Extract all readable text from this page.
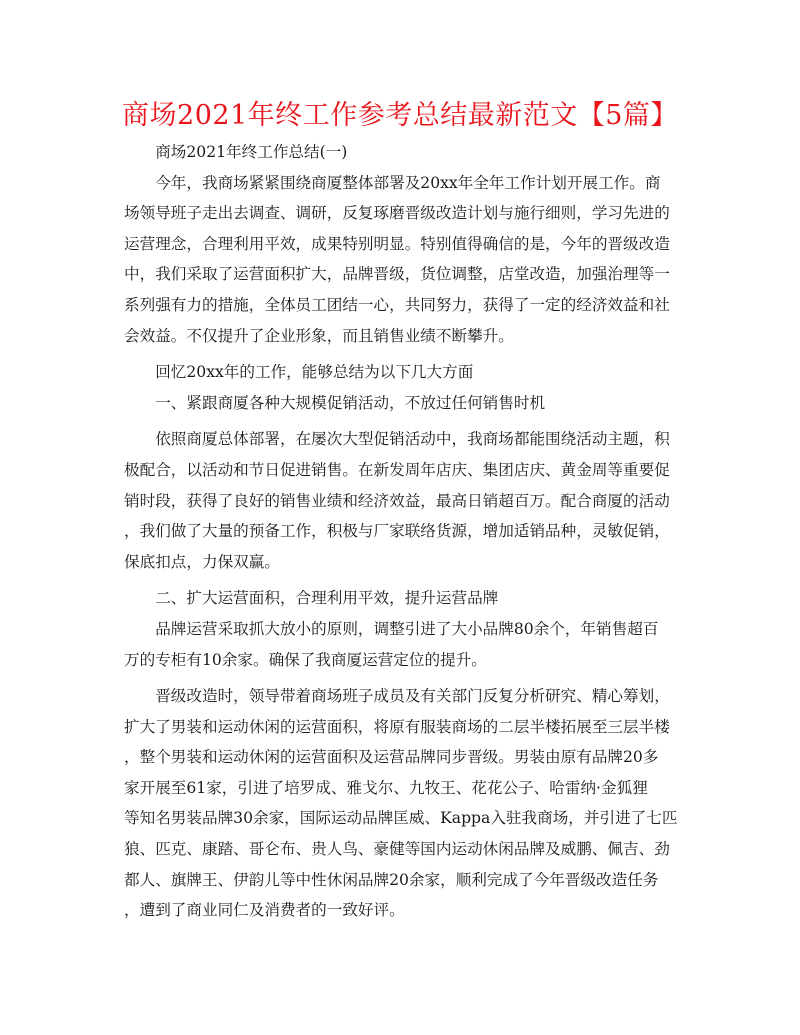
商场2021年终工作参考总结最新范文【5篇】
商场2021年终工作总结(一)
今年，我商场紧紧围绕商厦整体部署及20xx年全年工作计划开展工作。商
场领导班子走出去调查、调研，反复琢磨晋级改造计划与施行细则，学习先进的
运营理念，合理利用平效，成果特别明显。特别值得确信的是，今年的晋级改造
中，我们采取了运营面积扩大，品牌晋级，货位调整，店堂改造，加强治理等一
系列强有力的措施，全体员工团结一心，共同努力，获得了一定的经济效益和社
会效益。不仅提升了企业形象，而且销售业绩不断攀升。
回忆20xx年的工作，能够总结为以下几大方面
一、紧跟商厦各种大规模促销活动，不放过任何销售时机
依照商厦总体部署，在屡次大型促销活动中，我商场都能围绕活动主题，积
极配合，以活动和节日促进销售。在新发周年店庆、集团店庆、黄金周等重要促
销时段，获得了良好的销售业绩和经济效益，最高日销超百万。配合商厦的活动
，我们做了大量的预备工作，积极与厂家联络货源，增加适销品种，灵敏促销，
保底扣点，力保双赢。
二、扩大运营面积，合理利用平效，提升运营品牌
品牌运营采取抓大放小的原则，调整引进了大小品牌80余个，年销售超百
万的专柜有10余家。确保了我商厦运营定位的提升。
晋级改造时，领导带着商场班子成员及有关部门反复分析研究、精心筹划，
扩大了男装和运动休闲的运营面积，将原有服装商场的二层半楼拓展至三层半楼
，整个男装和运动休闲的运营面积及运营品牌同步晋级。男装由原有品牌20多
家开展至61家，引进了培罗成、雅戈尔、九牧王、花花公子、哈雷纳·金狐狸
等知名男装品牌30余家，国际运动品牌匡威、Kappa入驻我商场，并引进了七匹
狼、匹克、康踏、哥仑布、贵人鸟、豪健等国内运动休闲品牌及威鹏、佩吉、劲
都人、旗牌王、伊韵儿等中性休闲品牌20余家，顺利完成了今年晋级改造任务
，遭到了商业同仁及消费者的一致好评。
